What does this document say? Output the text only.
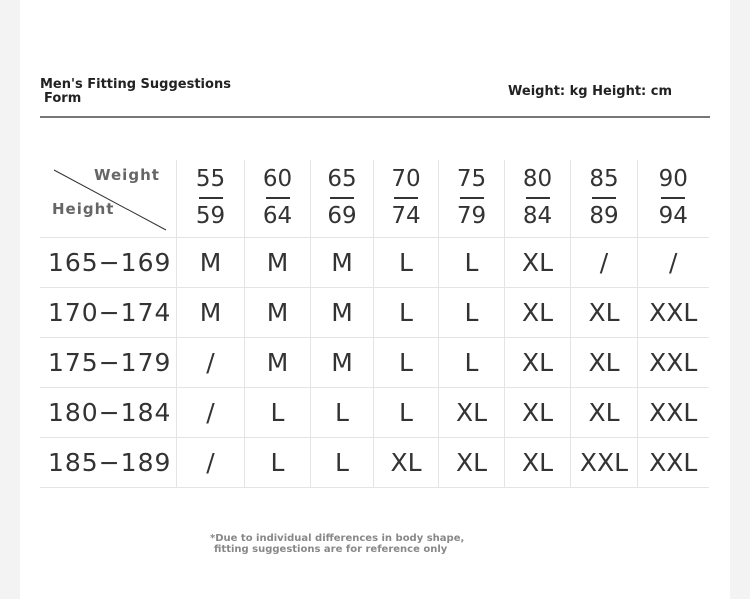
Men's Fitting Suggestions
Form	Weight: kg Height: cm
Weight
Height	$\frac{55}{59}$	$\frac{60}{64}$	$\frac{65}{69}$	$\frac{70}{74}$	$\frac{75}{79}$	$\frac{80}{84}$	$\frac{85}{89}$	$\frac{90}{94}$

165−169	M	M	M	L	L	XL	/	/
170−174	M	M	M	L	L	XL	XL	XXL
175−179	/	M	M	L	L	XL	XL	XXL
180−184	/	L	L	L	XL	XL	XL	XXL
185−189	/	L	L	XL	XL	XL	XXL	XXL
*Due to individual differences in body shape,
fitting suggestions are for reference only
